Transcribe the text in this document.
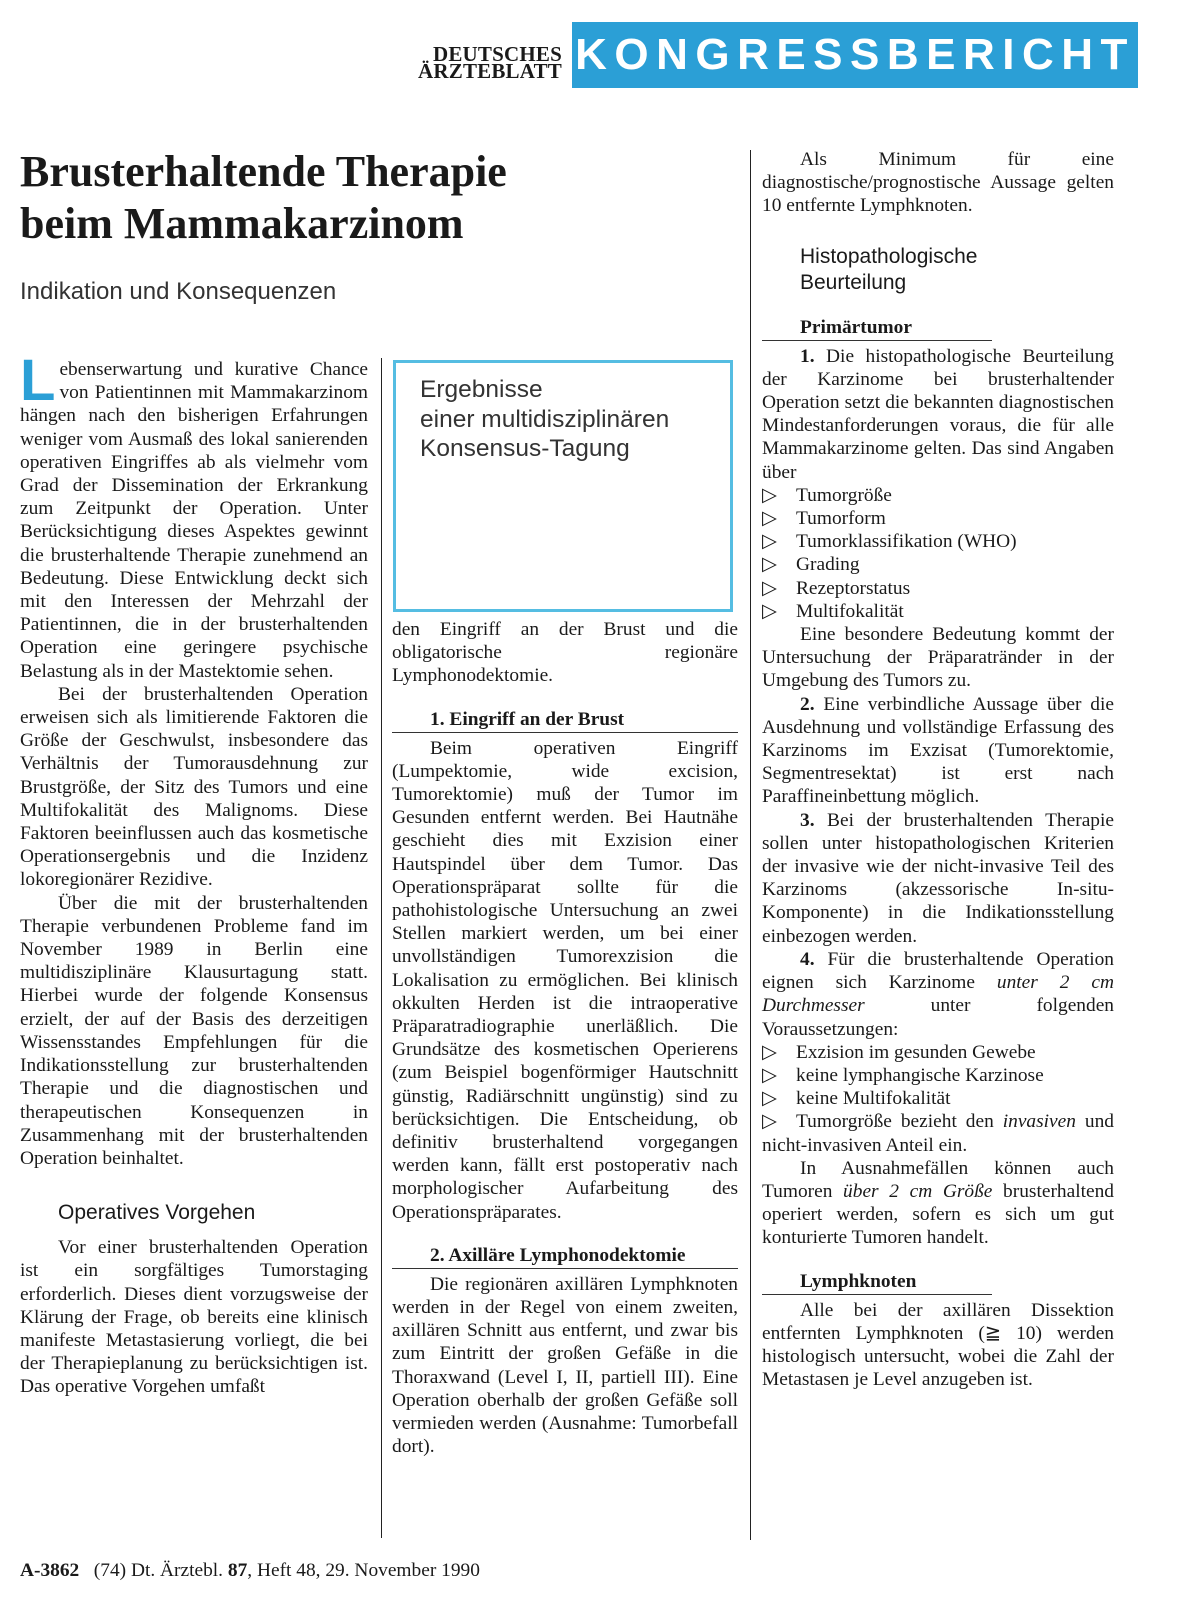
DEUTSCHES
ÄRZTEBLATT KONGRESSBERICHT
Brusterhaltende Therapie
beim Mammakarzinom
Indikation und Konsequenzen
Ergebnisse
einer multidisziplinären
Konsensus-Tagung

Lebenserwartung und kurative Chance von Patientinnen mit Mammakarzinom hängen nach den bisherigen Erfahrungen weniger vom Ausmaß des lokal sanierenden operativen Eingriffes ab als vielmehr vom Grad der Dissemination der Erkrankung zum Zeitpunkt der Operation. Unter Berücksichtigung dieses Aspektes gewinnt die brusterhaltende Therapie zunehmend an Bedeutung. Diese Entwicklung deckt sich mit den Interessen der Mehrzahl der Patientinnen, die in der brusterhaltenden Operation eine geringere psychische Belastung als in der Mastektomie sehen.

Bei der brusterhaltenden Operation erweisen sich als limitierende Faktoren die Größe der Geschwulst, insbesondere das Verhältnis der Tumorausdehnung zur Brustgröße, der Sitz des Tumors und eine Multifokalität des Malignoms. Diese Faktoren beeinflussen auch das kosmetische Operationsergebnis und die Inzidenz lokoregionärer Rezidive.

Über die mit der brusterhaltenden Therapie verbundenen Probleme fand im November 1989 in Berlin eine multidisziplinäre Klausurtagung statt. Hierbei wurde der folgende Konsensus erzielt, der auf der Basis des derzeitigen Wissensstandes Empfehlungen für die Indikationsstellung zur brusterhaltenden Therapie und die diagnostischen und therapeutischen Konsequenzen in Zusammenhang mit der brusterhaltenden Operation beinhaltet.

Operatives Vorgehen

Vor einer brusterhaltenden Operation ist ein sorgfältiges Tumorstaging erforderlich. Dieses dient vorzugsweise der Klärung der Frage, ob bereits eine klinisch manifeste Metastasierung vorliegt, die bei der Therapieplanung zu berücksichtigen ist. Das operative Vorgehen umfaßt

den Eingriff an der Brust und die obligatorische regionäre Lymphonodektomie.

1. Eingriff an der Brust

Beim operativen Eingriff (Lumpektomie, wide excision, Tumorektomie) muß der Tumor im Gesunden entfernt werden. Bei Hautnähe geschieht dies mit Exzision einer Hautspindel über dem Tumor. Das Operationspräparat sollte für die pathohistologische Untersuchung an zwei Stellen markiert werden, um bei einer unvollständigen Tumorexzision die Lokalisation zu ermöglichen. Bei klinisch okkulten Herden ist die intraoperative Präparatradiographie unerläßlich. Die Grundsätze des kosmetischen Operierens (zum Beispiel bogenförmiger Hautschnitt günstig, Radiärschnitt ungünstig) sind zu berücksichtigen. Die Entscheidung, ob definitiv brusterhaltend vorgegangen werden kann, fällt erst postoperativ nach morphologischer Aufarbeitung des Operationspräparates.

2. Axilläre Lymphonodektomie

Die regionären axillären Lymphknoten werden in der Regel von einem zweiten, axillären Schnitt aus entfernt, und zwar bis zum Eintritt der großen Gefäße in die Thoraxwand (Level I, II, partiell III). Eine Operation oberhalb der großen Gefäße soll vermieden werden (Ausnahme: Tumorbefall dort).

Als Minimum für eine diagnostische/prognostische Aussage gelten 10 entfernte Lymphknoten.

Histopathologische
Beurteilung
Primärtumor

1. Die histopathologische Beurteilung der Karzinome bei brusterhaltender Operation setzt die bekannten diagnostischen Mindestanforderungen voraus, die für alle Mammakarzinome gelten. Das sind Angaben über

▷ Tumorgröße
▷ Tumorform
▷ Tumorklassifikation (WHO)
▷ Grading
▷ Rezeptorstatus
▷ Multifokalität

Eine besondere Bedeutung kommt der Untersuchung der Präparatränder in der Umgebung des Tumors zu.

2. Eine verbindliche Aussage über die Ausdehnung und vollständige Erfassung des Karzinoms im Exzisat (Tumorektomie, Segmentresektat) ist erst nach Paraffineinbettung möglich.

3. Bei der brusterhaltenden Therapie sollen unter histopathologischen Kriterien der invasive wie der nicht-invasive Teil des Karzinoms (akzessorische In-situ-Komponente) in die Indikationsstellung einbezogen werden.

4. Für die brusterhaltende Operation eignen sich Karzinome unter 2 cm Durchmesser unter folgenden Voraussetzungen:

▷ Exzision im gesunden Gewebe
▷ keine lymphangische Karzinose
▷ keine Multifokalität
▷ Tumorgröße bezieht den invasiven und nicht-invasiven Anteil ein.

In Ausnahmefällen können auch Tumoren über 2 cm Größe brusterhaltend operiert werden, sofern es sich um gut konturierte Tumoren handelt.

Lymphknoten

Alle bei der axillären Dissektion entfernten Lymphknoten (≧ 10) werden histologisch untersucht, wobei die Zahl der Metastasen je Level anzugeben ist.

A-3862 (74) Dt. Ärztebl. 87, Heft 48, 29. November 1990
